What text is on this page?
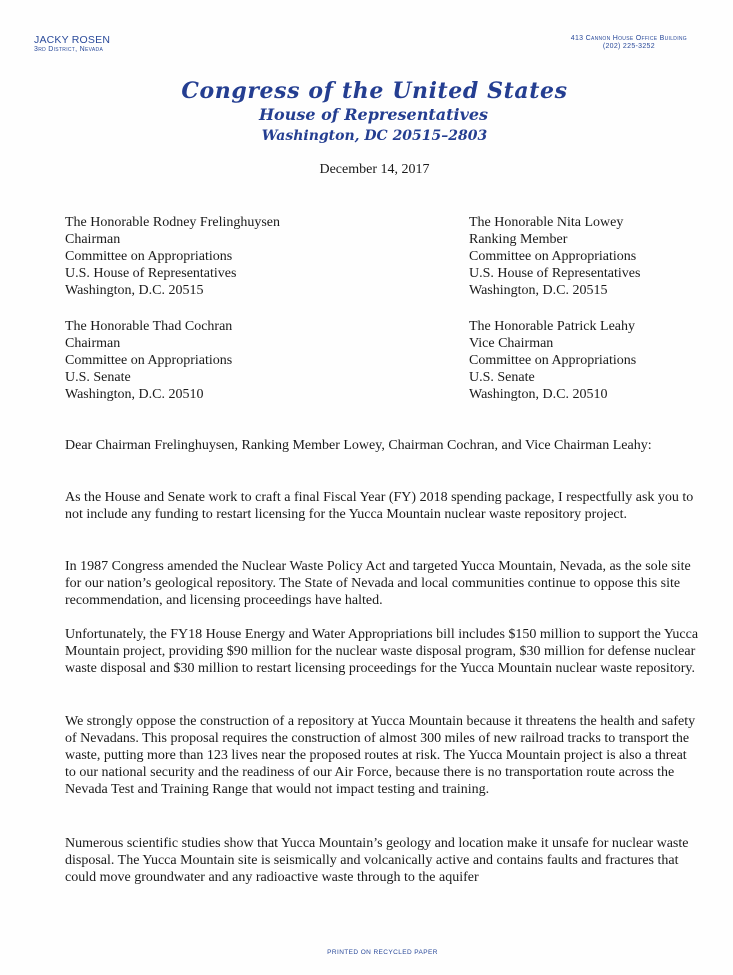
JACKY ROSEN
3rd District, Nevada
413 Cannon House Office Building
(202) 225-3252
Congress of the United States
House of Representatives
Washington, DC 20515–2803
December 14, 2017
The Honorable Rodney Frelinghuysen
Chairman
Committee on Appropriations
U.S. House of Representatives
Washington, D.C. 20515
The Honorable Nita Lowey
Ranking Member
Committee on Appropriations
U.S. House of Representatives
Washington, D.C. 20515
The Honorable Thad Cochran
Chairman
Committee on Appropriations
U.S. Senate
Washington, D.C. 20510
The Honorable Patrick Leahy
Vice Chairman
Committee on Appropriations
U.S. Senate
Washington, D.C. 20510

Dear Chairman Frelinghuysen, Ranking Member Lowey, Chairman Cochran, and Vice Chairman Leahy:

As the House and Senate work to craft a final Fiscal Year (FY) 2018 spending package, I respectfully ask you to not include any funding to restart licensing for the Yucca Mountain nuclear waste repository project.

In 1987 Congress amended the Nuclear Waste Policy Act and targeted Yucca Mountain, Nevada, as the sole site for our nation’s geological repository. The State of Nevada and local communities continue to oppose this site recommendation, and licensing proceedings have halted.

Unfortunately, the FY18 House Energy and Water Appropriations bill includes $150 million to support the Yucca Mountain project, providing $90 million for the nuclear waste disposal program, $30 million for defense nuclear waste disposal and $30 million to restart licensing proceedings for the Yucca Mountain nuclear waste repository.

We strongly oppose the construction of a repository at Yucca Mountain because it threatens the health and safety of Nevadans. This proposal requires the construction of almost 300 miles of new railroad tracks to transport the waste, putting more than 123 lives near the proposed routes at risk. The Yucca Mountain project is also a threat to our national security and the readiness of our Air Force, because there is no transportation route across the Nevada Test and Training Range that would not impact testing and training.

Numerous scientific studies show that Yucca Mountain’s geology and location make it unsafe for nuclear waste disposal. The Yucca Mountain site is seismically and volcanically active and contains faults and fractures that could move groundwater and any radioactive waste through to the aquifer

PRINTED ON RECYCLED PAPER
